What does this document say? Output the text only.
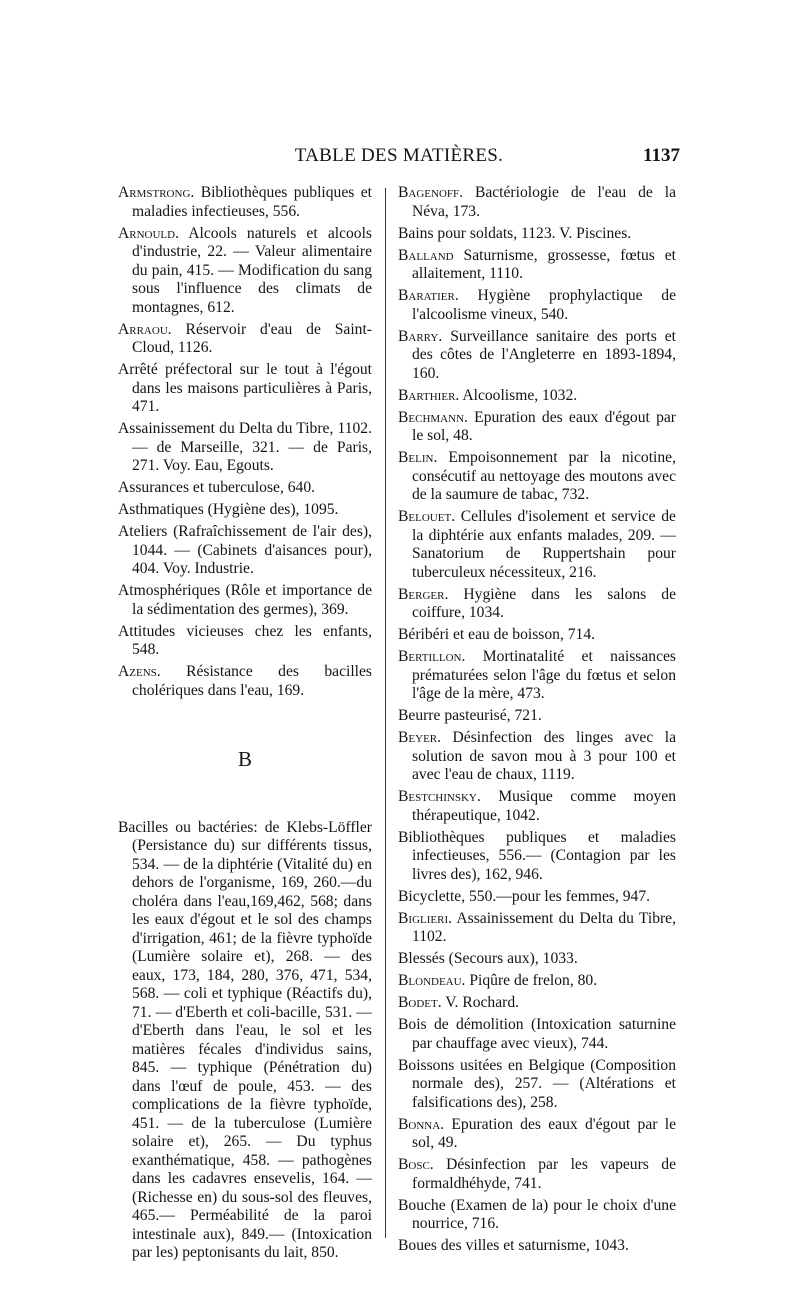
TABLE DES MATIÈRES.	1137

Armstrong. Bibliothèques publiques et maladies infectieuses, 556.

Arnould. Alcools naturels et alcools d'industrie, 22. — Valeur alimentaire du pain, 415. — Modification du sang sous l'influence des climats de montagnes, 612.

Arraou. Réservoir d'eau de Saint-Cloud, 1126.

Arrêté préfectoral sur le tout à l'égout dans les maisons particulières à Paris, 471.

Assainissement du Delta du Tibre, 1102. — de Marseille, 321. — de Paris, 271. Voy. Eau, Egouts.

Assurances et tuberculose, 640.

Asthmatiques (Hygiène des), 1095.

Ateliers (Rafraîchissement de l'air des), 1044. — (Cabinets d'aisances pour), 404. Voy. Industrie.

Atmosphériques (Rôle et importance de la sédimentation des germes), 369.

Attitudes vicieuses chez les enfants, 548.

Azens. Résistance des bacilles cholériques dans l'eau, 169.

B

Bacilles ou bactéries: de Klebs-Löffler (Persistance du) sur différents tissus, 534. — de la diphtérie (Vitalité du) en dehors de l'organisme, 169, 260.—du choléra dans l'eau,169,462, 568; dans les eaux d'égout et le sol des champs d'irrigation, 461; de la fièvre typhoïde (Lumière solaire et), 268. — des eaux, 173, 184, 280, 376, 471, 534, 568. — coli et typhique (Réactifs du), 71. — d'Eberth et coli-bacille, 531. — d'Eberth dans l'eau, le sol et les matières fécales d'individus sains, 845. — typhique (Pénétration du) dans l'œuf de poule, 453. — des complications de la fièvre typhoïde, 451. — de la tuberculose (Lumière solaire et), 265. — Du typhus exanthématique, 458. — pathogènes dans les cadavres ensevelis, 164. — (Richesse en) du sous-sol des fleuves, 465.— Perméabilité de la paroi intestinale aux), 849.— (Intoxication par les) peptonisants du lait, 850.

Bagenoff. Bactériologie de l'eau de la Néva, 173.

Bains pour soldats, 1123. V. Piscines.

Balland Saturnisme, grossesse, fœtus et allaitement, 1110.

Baratier. Hygiène prophylactique de l'alcoolisme vineux, 540.

Barry. Surveillance sanitaire des ports et des côtes de l'Angleterre en 1893-1894, 160.

Barthier. Alcoolisme, 1032.

Bechmann. Epuration des eaux d'égout par le sol, 48.

Belin. Empoisonnement par la nicotine, consécutif au nettoyage des moutons avec de la saumure de tabac, 732.

Belouet. Cellules d'isolement et service de la diphtérie aux enfants malades, 209. — Sanatorium de Ruppertshain pour tuberculeux nécessiteux, 216.

Berger. Hygiène dans les salons de coiffure, 1034.

Béribéri et eau de boisson, 714.

Bertillon. Mortinatalité et naissances prématurées selon l'âge du fœtus et selon l'âge de la mère, 473.

Beurre pasteurisé, 721.

Beyer. Désinfection des linges avec la solution de savon mou à 3 pour 100 et avec l'eau de chaux, 1119.

Bestchinsky. Musique comme moyen thérapeutique, 1042.

Bibliothèques publiques et maladies infectieuses, 556.— (Contagion par les livres des), 162, 946.

Bicyclette, 550.—pour les femmes, 947.

Biglieri. Assainissement du Delta du Tibre, 1102.

Blessés (Secours aux), 1033.

Blondeau. Piqûre de frelon, 80.

Bodet. V. Rochard.

Bois de démolition (Intoxication saturnine par chauffage avec vieux), 744.

Boissons usitées en Belgique (Composition normale des), 257. — (Altérations et falsifications des), 258.

Bonna. Epuration des eaux d'égout par le sol, 49.

Bosc. Désinfection par les vapeurs de formaldhéhyde, 741.

Bouche (Examen de la) pour le choix d'une nourrice, 716.

Boues des villes et saturnisme, 1043.
